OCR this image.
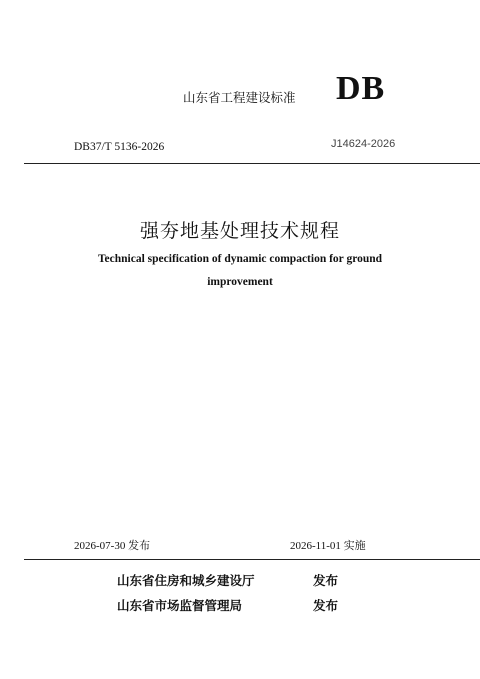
山东省工程建设标准 DB
DB37/T 5136-2026	J14624-2026
强夯地基处理技术规程
Technical specification of dynamic compaction for ground
improvement
2026-07-30 发布	2026-11-01 实施
山东省住房和城乡建设厅	发布
山东省市场监督管理局	发布
